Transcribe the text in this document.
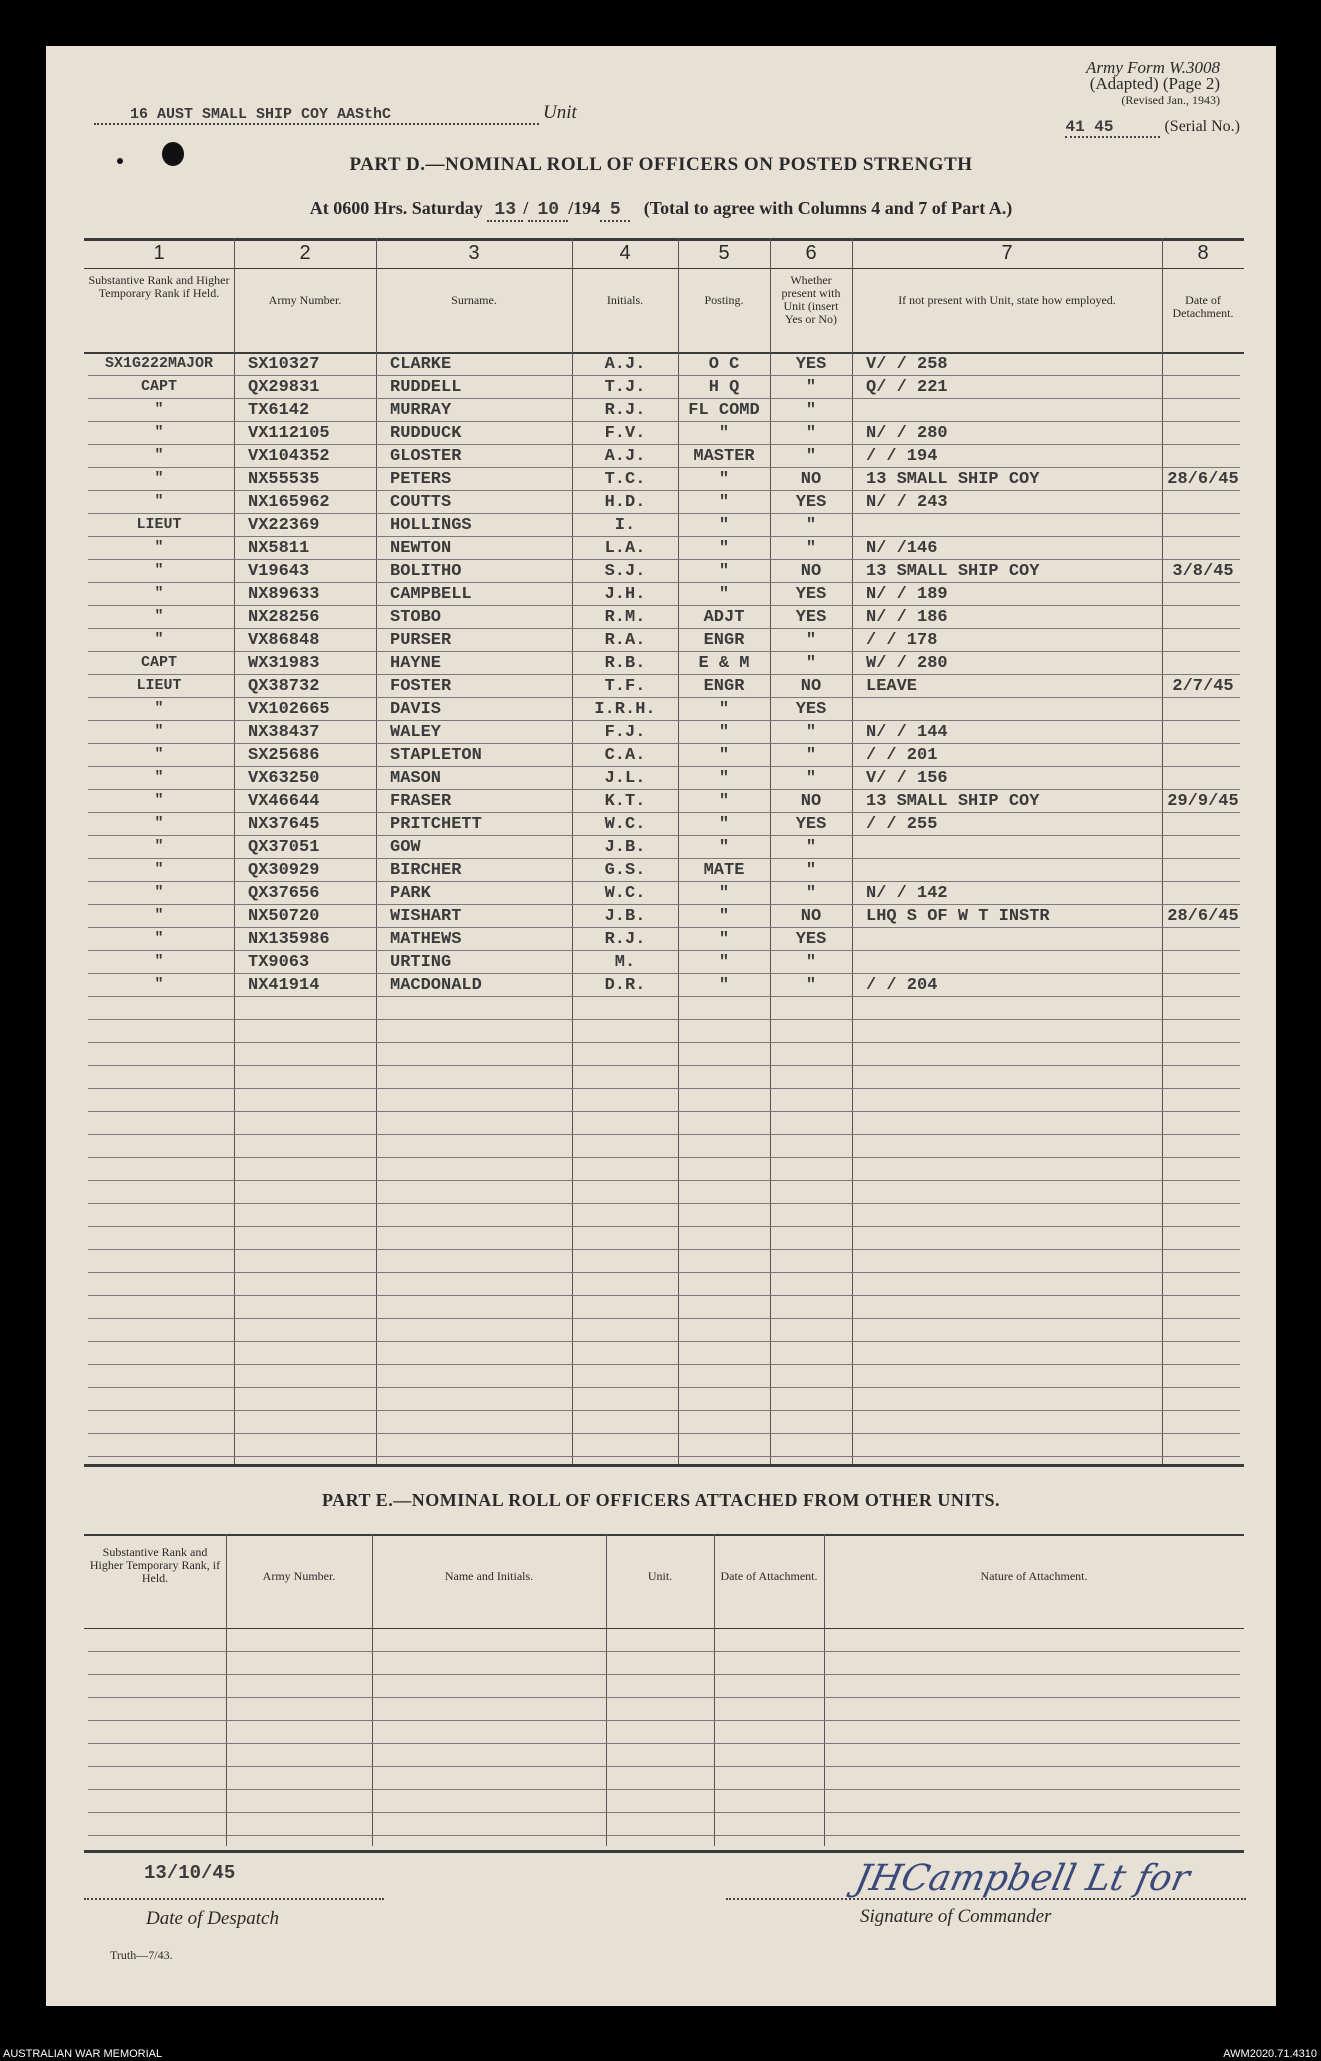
Army Form W.3008
(Adapted) (Page 2)
(Revised Jan., 1943)
41 45	(Serial No.)
16 AUST SMALL SHIP COY AASthC	Unit
PART D.—NOMINAL ROLL OF OFFICERS ON POSTED STRENGTH
At 0600 Hrs. Saturday 13 / 10 /194 5 (Total to agree with Columns 4 and 7 of Part A.)
1
Substantive Rank and Higher Temporary Rank if Held.
2
Army Number.
3
Surname.
4
Initials.
5
Posting.
6
Whether present with Unit (insert Yes or No)
7
If not present with Unit, state how employed.
8
Date of Detachment.
SX1G222MAJOR	SX10327	CLARKE	A.J.	O C	YES	V/ / 258
CAPT	QX29831	RUDDELL	T.J.	H Q	"	Q/ / 221
"	TX6142	MURRAY	R.J.	FL COMD	"
"	VX112105	RUDDUCK	F.V.	"	"	N/ / 280
"	VX104352	GLOSTER	A.J.	MASTER	"	/ / 194
"	NX55535	PETERS	T.C.	"	NO	13 SMALL SHIP COY	28/6/45
"	NX165962	COUTTS	H.D.	"	YES	N/ / 243
LIEUT	VX22369	HOLLINGS	I.	"	"
"	NX5811	NEWTON	L.A.	"	"	N/ /146
"	V19643	BOLITHO	S.J.	"	NO	13 SMALL SHIP COY	3/8/45
"	NX89633	CAMPBELL	J.H.	"	YES	N/ / 189
"	NX28256	STOBO	R.M.	ADJT	YES	N/ / 186
"	VX86848	PURSER	R.A.	ENGR	"	/ / 178
CAPT	WX31983	HAYNE	R.B.	E & M	"	W/ / 280
LIEUT	QX38732	FOSTER	T.F.	ENGR	NO	LEAVE	2/7/45
"	VX102665	DAVIS	I.R.H.	"	YES
"	NX38437	WALEY	F.J.	"	"	N/ / 144
"	SX25686	STAPLETON	C.A.	"	"	/ / 201
"	VX63250	MASON	J.L.	"	"	V/ / 156
"	VX46644	FRASER	K.T.	"	NO	13 SMALL SHIP COY	29/9/45
"	NX37645	PRITCHETT	W.C.	"	YES	/ / 255
"	QX37051	GOW	J.B.	"	"
"	QX30929	BIRCHER	G.S.	MATE	"
"	QX37656	PARK	W.C.	"	"	N/ / 142
"	NX50720	WISHART	J.B.	"	NO	LHQ S OF W T INSTR	28/6/45
"	NX135986	MATHEWS	R.J.	"	YES
"	TX9063	URTING	M.	"	"
"	NX41914	MACDONALD	D.R.	"	"	/ / 204
PART E.—NOMINAL ROLL OF OFFICERS ATTACHED FROM OTHER UNITS.
Substantive Rank and Higher Temporary Rank, if Held.	Army Number.	Name and Initials.	Unit.	Date of Attachment.	Nature of Attachment.
13/10/45
Date of Despatch
JHCampbell Lt for
Signature of Commander
Truth—7/43.
AUSTRALIAN WAR MEMORIAL	AWM2020.71.4310
